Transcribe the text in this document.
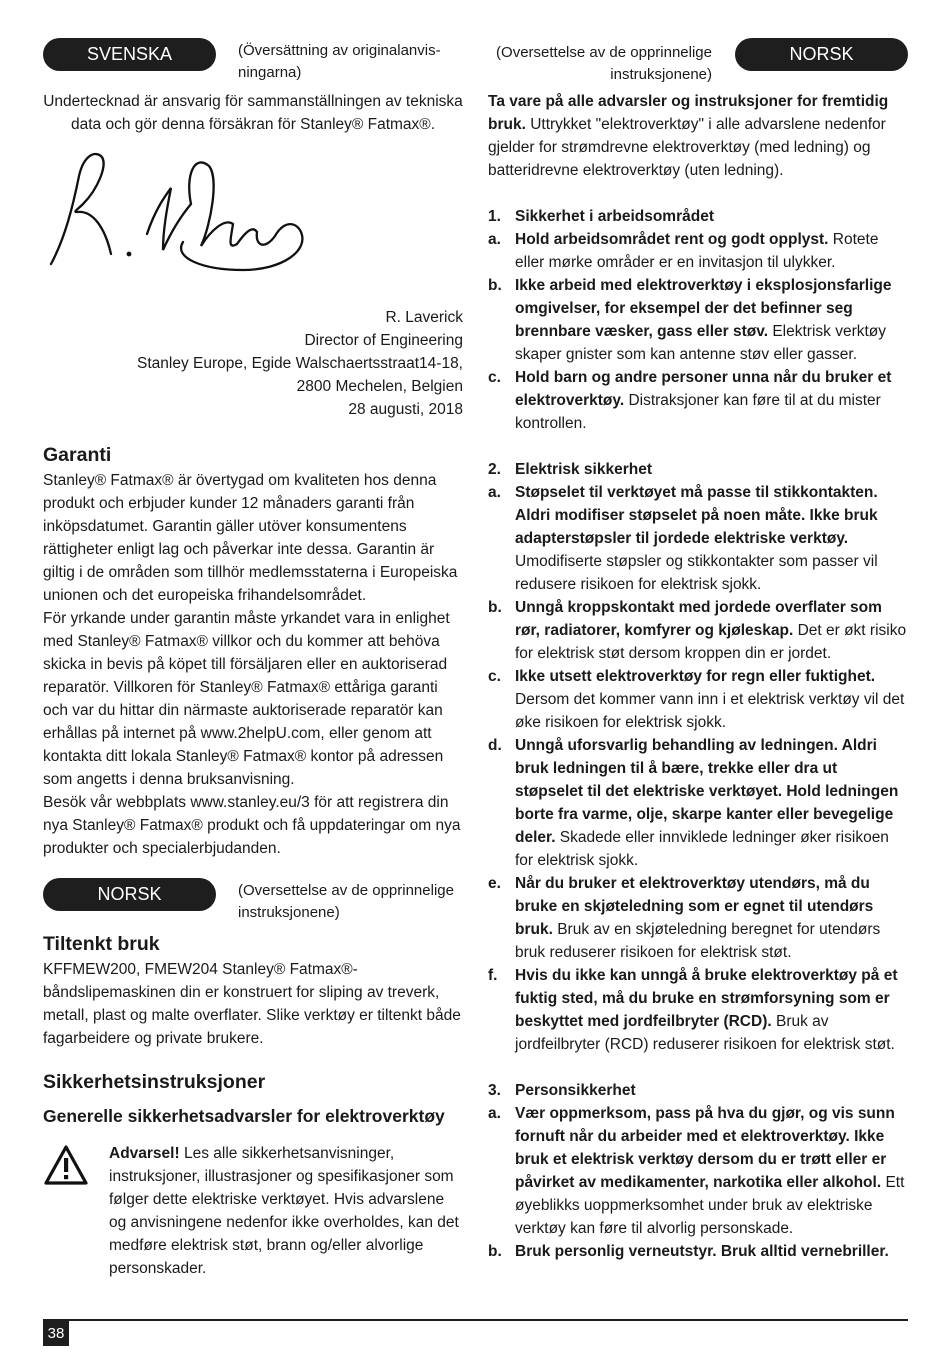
SVENSKA	(Översättning av originalanvis-
ningarna)

Undertecknad är ansvarig för sammanställningen av tekniska data och gör denna försäkran för Stanley® Fatmax®.

R. Laverick
Director of Engineering
Stanley Europe, Egide Walschaertsstraat14-18,
2800 Mechelen, Belgien
28 augusti, 2018
Garanti

Stanley® Fatmax® är övertygad om kvaliteten hos denna produkt och erbjuder kunder 12 månaders garanti från inköpsdatumet. Garantin gäller utöver konsumentens rättigheter enligt lag och påverkar inte dessa. Garantin är giltig i de områden som tillhör medlemsstaterna i Europeiska unionen och det europeiska frihandelsområdet.

För yrkande under garantin måste yrkandet vara in enlighet med Stanley® Fatmax® villkor och du kommer att behöva skicka in bevis på köpet till försäljaren eller en auktoriserad reparatör. Villkoren för Stanley® Fatmax® ettåriga garanti och var du hittar din närmaste auktoriserade reparatör kan erhållas på internet på www.2helpU.com, eller genom att kontakta ditt lokala Stanley® Fatmax® kontor på adressen som angetts i denna bruksanvisning.

Besök vår webbplats www.stanley.eu/3 för att registrera din nya Stanley® Fatmax® produkt och få uppdateringar om nya produkter och specialerbjudanden.

NORSK	(Oversettelse av de opprinnelige
instruksjonene)
Tiltenkt bruk

KFFMEW200, FMEW204 Stanley® Fatmax®-båndslipemaskinen din er konstruert for sliping av treverk, metall, plast og malte overflater. Slike verktøy er tiltenkt både fagarbeidere og private brukere.

Sikkerhetsinstruksjoner
Generelle sikkerhetsadvarsler for elektroverktøy

Advarsel! Les alle sikkerhetsanvisninger, instruksjoner, illustrasjoner og spesifikasjoner som følger dette elektriske verktøyet. Hvis advarslene og anvisningene nedenfor ikke overholdes, kan det medføre elektrisk støt, brann og/eller alvorlige personskader.

(Oversettelse av de opprinnelige
instruksjonene)
NORSK

Ta vare på alle advarsler og instruksjoner for fremtidig bruk. Uttrykket "elektroverktøy" i alle advarslene nedenfor gjelder for strømdrevne elektroverktøy (med ledning) og batteridrevne elektroverktøy (uten ledning).

1. Sikkerhet i arbeidsområdet
a. Hold arbeidsområdet rent og godt opplyst. Rotete eller mørke områder er en invitasjon til ulykker.
b. Ikke arbeid med elektroverktøy i eksplosjonsfarlige omgivelser, for eksempel der det befinner seg brennbare væsker, gass eller støv. Elektrisk verktøy skaper gnister som kan antenne støv eller gasser.
c. Hold barn og andre personer unna når du bruker et elektroverktøy. Distraksjoner kan føre til at du mister kontrollen.
2. Elektrisk sikkerhet
a. Støpselet til verktøyet må passe til stikkontakten. Aldri modifiser støpselet på noen måte. Ikke bruk adapterstøpsler til jordede elektriske verktøy. Umodifiserte støpsler og stikkontakter som passer vil redusere risikoen for elektrisk sjokk.
b. Unngå kroppskontakt med jordede overflater som rør, radiatorer, komfyrer og kjøleskap. Det er økt risiko for elektrisk støt dersom kroppen din er jordet.
c. Ikke utsett elektroverktøy for regn eller fuktighet. Dersom det kommer vann inn i et elektrisk verktøy vil det øke risikoen for elektrisk sjokk.
d. Unngå uforsvarlig behandling av ledningen. Aldri bruk ledningen til å bære, trekke eller dra ut støpselet til det elektriske verktøyet. Hold ledningen borte fra varme, olje, skarpe kanter eller bevegelige deler. Skadede eller innviklede ledninger øker risikoen for elektrisk sjokk.
e. Når du bruker et elektroverktøy utendørs, må du bruke en skjøteledning som er egnet til utendørs bruk. Bruk av en skjøteledning beregnet for utendørs bruk reduserer risikoen for elektrisk støt.
f.	Hvis du ikke kan unngå å bruke elektroverktøy på et fuktig sted, må du bruke en strømforsyning som er beskyttet med jordfeilbryter (RCD). Bruk av jordfeilbryter (RCD) reduserer risikoen for elektrisk støt.
3. Personsikkerhet
a. Vær oppmerksom, pass på hva du gjør, og vis sunn fornuft når du arbeider med et elektroverktøy. Ikke bruk et elektrisk verktøy dersom du er trøtt eller er påvirket av medikamenter, narkotika eller alkohol. Ett øyeblikks uoppmerksomhet under bruk av elektriske verktøy kan føre til alvorlig personskade.
b. Bruk personlig verneutstyr. Bruk alltid vernebriller.
38
